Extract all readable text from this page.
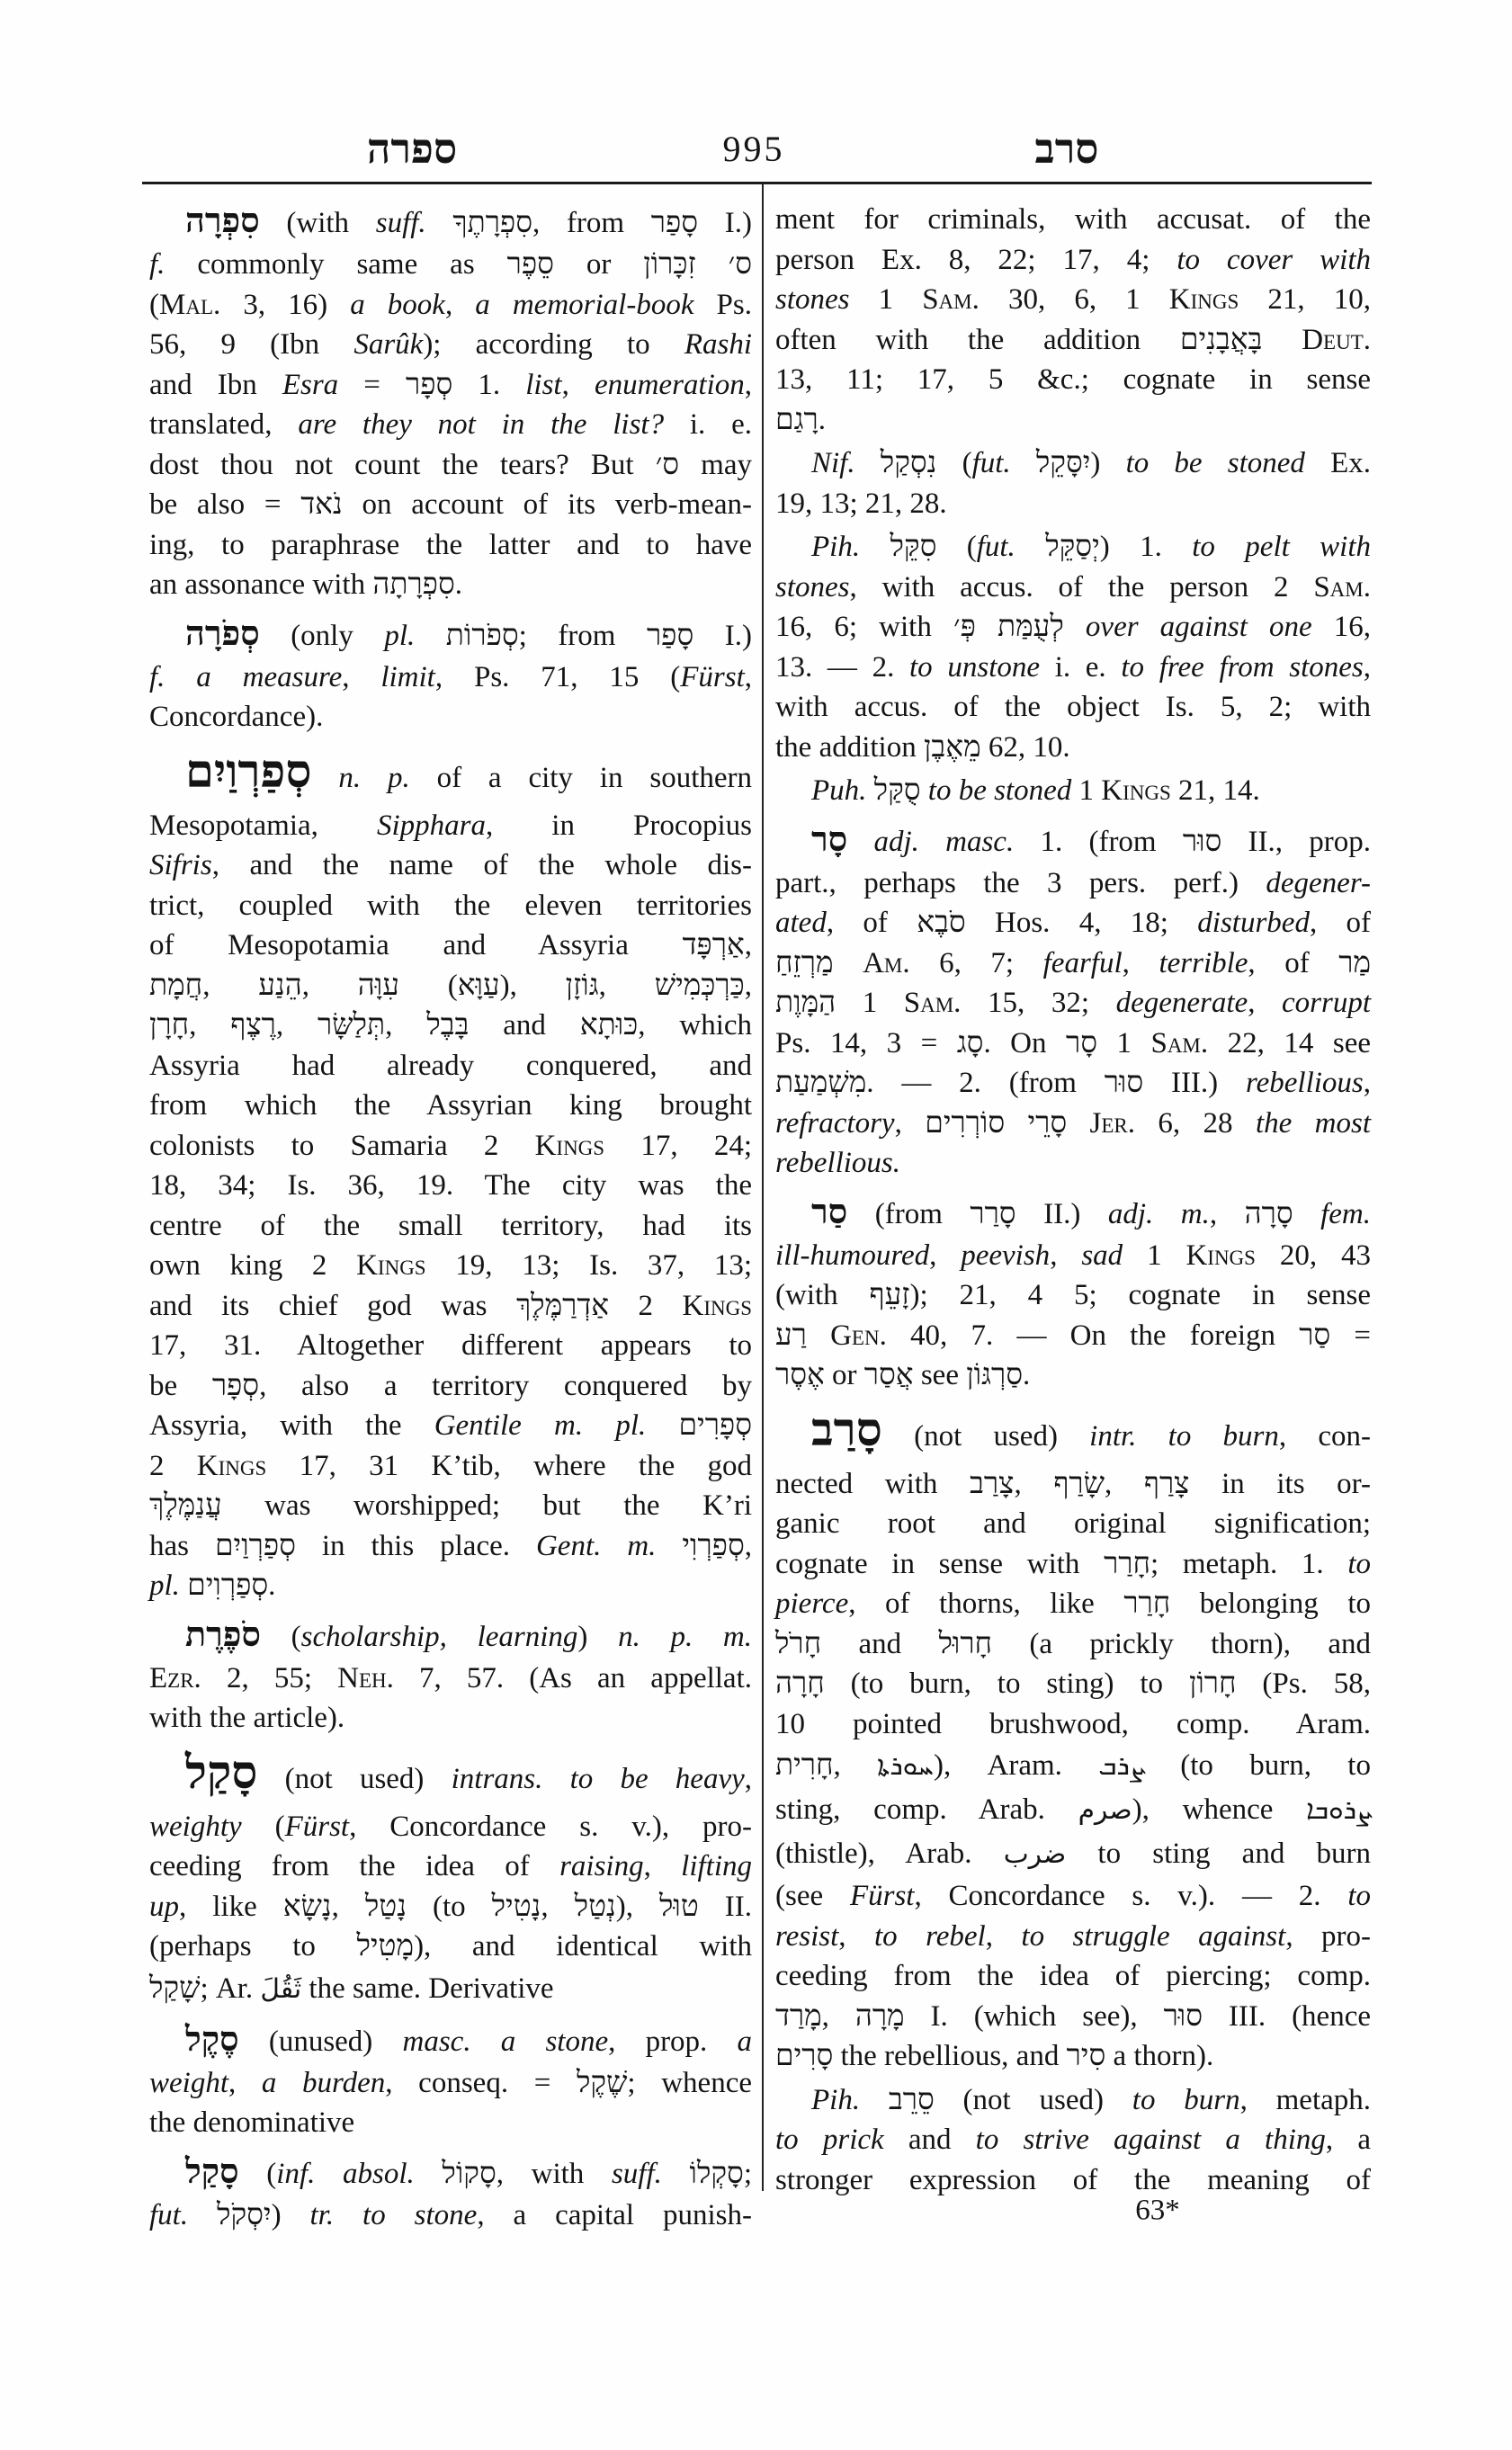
ספרה	995	סרב
סִפְרָה (with suff. סִפְרָתֶךָ, from סָפַר I.)
f. commonly same as סֵפֶר or ס׳ זִכָּרוֹן
(Mal. 3, 16) a book, a memorial-book Ps.
56, 9 (Ibn Sarûk); according to Rashi
and Ibn Esra = סְפָר 1. list, enumeration,
translated, are they not in the list? i. e.
dost thou not count the tears? But ס׳ may
be also = נֹאד on account of its verb-mean-
ing, to paraphrase the latter and to have
an assonance with סִפְרָתָה.
סְפֹרָה (only pl. סְפֹרוֹת; from סָפַר I.)
f. a measure, limit, Ps. 71, 15 (Fürst,
Concordance).
סְפַרְוַיִם n. p. of a city in southern
Mesopotamia, Sipphara, in Procopius
Sifris, and the name of the whole dis-
trict, coupled with the eleven territories
of Mesopotamia and Assyria אַרְפָּד,
חֲמָת, הֵנַע, עִוָּה (עַוָּא), גּוֹזָן, כַּרְכְּמִישׁ,
חָרָן, רֶצֶף, תְּלַשָּׂר, בָּבֶל and כּוּתָא, which
Assyria had already conquered, and
from which the Assyrian king brought
colonists to Samaria 2 Kings 17, 24;
18, 34; Is. 36, 19. The city was the
centre of the small territory, had its
own king 2 Kings 19, 13; Is. 37, 13;
and its chief god was אַדְרַמֶּלֶךְ 2 Kings
17, 31. Altogether different appears to
be סְפָר, also a territory conquered by
Assyria, with the Gentile m. pl. סְפָרִים
2 Kings 17, 31 K’tib, where the god
עֲנַמֶּלֶךְ was worshipped; but the K’ri
has סְפַרְוַיִם in this place. Gent. m. סְפַרְוִי,
pl. סְפַרְוִים.
סֹפֶרֶת (scholarship, learning) n. p. m.
Ezr. 2, 55; Neh. 7, 57. (As an appellat.
with the article).
סָקַל (not used) intrans. to be heavy,
weighty (Fürst, Concordance s. v.), pro-
ceeding from the idea of raising, lifting
up, like נָשָׂא, נָטַל (to נָטִיל, נְטַל), טוּל II.
(perhaps to מָטִיל), and identical with
שָׁקַל; Ar. ثَقُلَ the same. Derivative
סֶקֶל (unused) masc. a stone, prop. a
weight, a burden, conseq. = שֶׁקֶל; whence
the denominative
סָקַל (inf. absol. סָקוֹל, with suff. סָקְלוֹ;
fut. יִסְקֹל) tr. to stone, a capital punish-
ment for criminals, with accusat. of the
person Ex. 8, 22; 17, 4; to cover with
stones 1 Sam. 30, 6, 1 Kings 21, 10,
often with the addition בָּאֲבָנִים Deut.
13, 11; 17, 5 &c.; cognate in sense
רָגַם.
Nif. נִסְקַל (fut. יִסָּקֵל) to be stoned Ex.
19, 13; 21, 28.
Pih. סִקֵּל (fut. יְסַקֵּל) 1. to pelt with
stones, with accus. of the person 2 Sam.
16, 6; with לְעֻמַּת פְּ׳ over against one 16,
13. — 2. to unstone i. e. to free from stones,
with accus. of the object Is. 5, 2; with
the addition מֵאֶבֶן 62, 10.
Puh. סֻקַּל to be stoned 1 Kings 21, 14.
סָר adj. masc. 1. (from סוּר II., prop.
part., perhaps the 3 pers. perf.) degener-
ated, of סֹבֶא Hos. 4, 18; disturbed, of
מַרְזֵחַ Am. 6, 7; fearful, terrible, of מַר
הַמָּוֶת 1 Sam. 15, 32; degenerate, corrupt
Ps. 14, 3 = סָג. On סָר 1 Sam. 22, 14 see
מִשְׁמַעַת. — 2. (from סוּר III.) rebellious,
refractory, סָרֵי סוֹרְרִים Jer. 6, 28 the most
rebellious.
סַר (from סָרַר II.) adj. m., סָרָה fem.
ill-humoured, peevish, sad 1 Kings 20, 43
(with זָעֵף); 21, 4 5; cognate in sense
רַע Gen. 40, 7. — On the foreign סַר =
אֶסֶר or אֲסַר see סַרְגּוֹן.
סָרַב (not used) intr. to burn, con-
nected with צָרַב, שָׂרַף, צָרַף in its or-
ganic root and original signification;
cognate in sense with חָרַר; metaph. 1. to
pierce, of thorns, like חָרַר belonging to
חָרֹל and חָרוּל (a prickly thorn), and
חָרָה (to burn, to sting) to חָרוֹן (Ps. 58,
10 pointed brushwood, comp. Aram.
חָרִית, ܚܘܪܬܐ), Aram. ܨܪܒ (to burn, to
sting, comp. Arab. صرم), whence ܨܪܘܒܐ
(thistle), Arab. ضرب to sting and burn
(see Fürst, Concordance s. v.). — 2. to
resist, to rebel, to struggle against, pro-
ceeding from the idea of piercing; comp.
מָרַד, מָרָה I. (which see), סוּר III. (hence
סָרִים the rebellious, and סִיר a thorn).
Pih. סֵרֵב (not used) to burn, metaph.
to prick and to strive against a thing, a
stronger expression of the meaning of
63*
